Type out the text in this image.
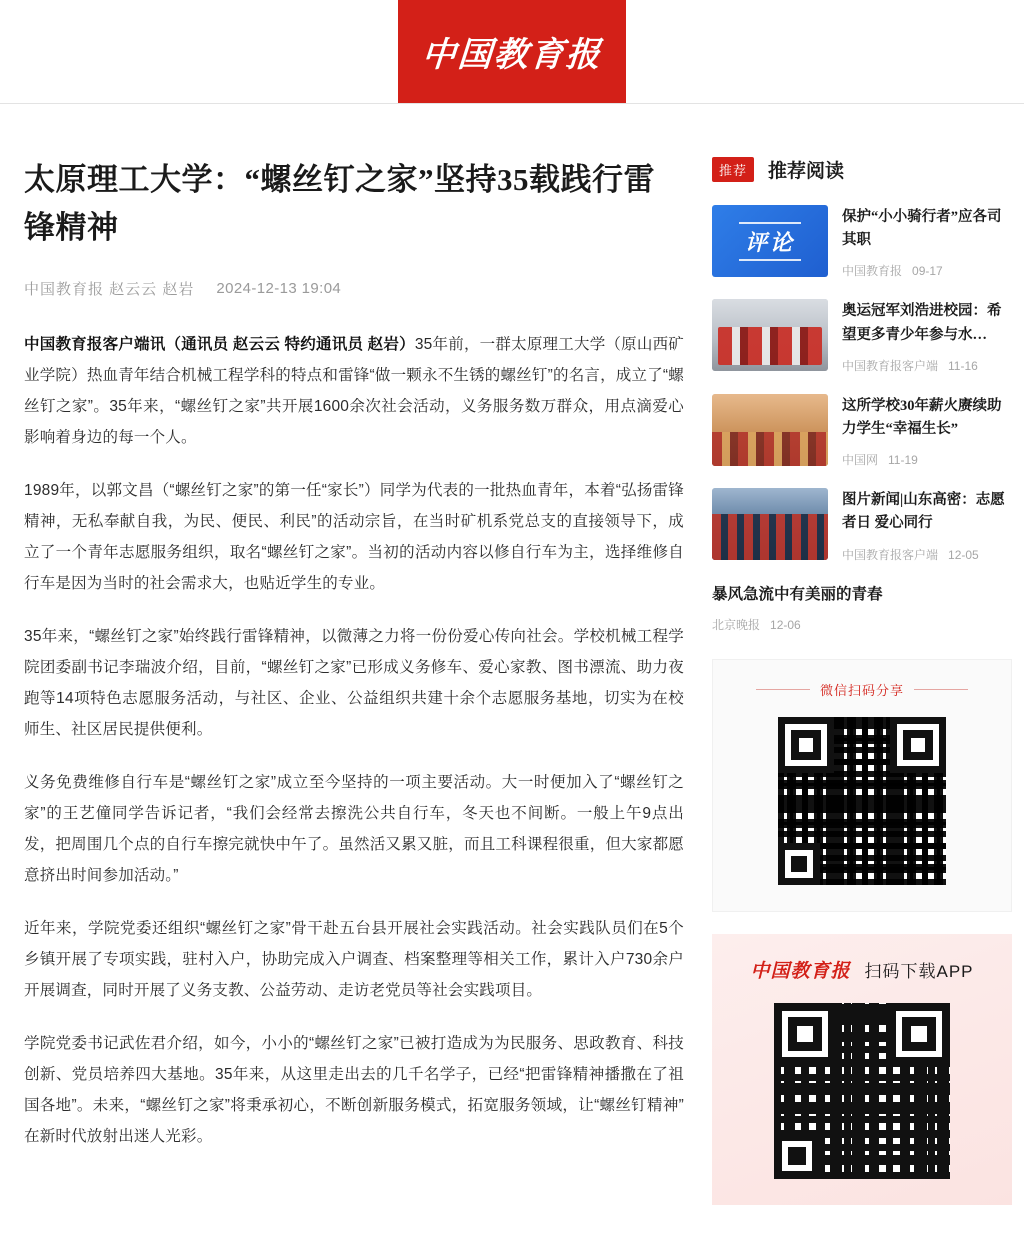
中国教育报
太原理工大学：“螺丝钉之家”坚持35载践行雷锋精神
中国教育报 赵云云 赵岩 2024-12-13 19:04

中国教育报客户端讯（通讯员 赵云云 特约通讯员 赵岩）35年前，一群太原理工大学（原山西矿业学院）热血青年结合机械工程学科的特点和雷锋“做一颗永不生锈的螺丝钉”的名言，成立了“螺丝钉之家”。35年来，“螺丝钉之家”共开展1600余次社会活动，义务服务数万群众，用点滴爱心影响着身边的每一个人。

1989年，以郭文昌（“螺丝钉之家”的第一任“家长”）同学为代表的一批热血青年，本着“弘扬雷锋精神，无私奉献自我，为民、便民、利民”的活动宗旨，在当时矿机系党总支的直接领导下，成立了一个青年志愿服务组织，取名“螺丝钉之家”。当初的活动内容以修自行车为主，选择维修自行车是因为当时的社会需求大，也贴近学生的专业。

35年来，“螺丝钉之家”始终践行雷锋精神，以微薄之力将一份份爱心传向社会。学校机械工程学院团委副书记李瑞波介绍，目前，“螺丝钉之家”已形成义务修车、爱心家教、图书漂流、助力夜跑等14项特色志愿服务活动，与社区、企业、公益组织共建十余个志愿服务基地，切实为在校师生、社区居民提供便利。

义务免费维修自行车是“螺丝钉之家”成立至今坚持的一项主要活动。大一时便加入了“螺丝钉之家”的王艺僮同学告诉记者，“我们会经常去擦洗公共自行车，冬天也不间断。一般上午9点出发，把周围几个点的自行车擦完就快中午了。虽然活又累又脏，而且工科课程很重，但大家都愿意挤出时间参加活动。”

近年来，学院党委还组织“螺丝钉之家”骨干赴五台县开展社会实践活动。社会实践队员们在5个乡镇开展了专项实践，驻村入户，协助完成入户调查、档案整理等相关工作，累计入户730余户开展调查，同时开展了义务支教、公益劳动、走访老党员等社会实践项目。

学院党委书记武佐君介绍，如今，小小的“螺丝钉之家”已被打造成为为民服务、思政教育、科技创新、党员培养四大基地。35年来，从这里走出去的几千名学子，已经“把雷锋精神播撒在了祖国各地”。未来，“螺丝钉之家”将秉承初心，不断创新服务模式，拓宽服务领域，让“螺丝钉精神”在新时代放射出迷人光彩。

推荐	推荐阅读
评论
保护“小小骑行者”应各司其职
中国教育报 09-17
奥运冠军刘浩进校园：希望更多青少年参与水…
中国教育报客户端 11-16
这所学校30年薪火赓续助力学生“幸福生长”
中国网 11-19
图片新闻|山东高密：志愿者日 爱心同行
中国教育报客户端 12-05
暴风急流中有美丽的青春
北京晚报 12-06
微信扫码分享
中国教育报 扫码下载APP
